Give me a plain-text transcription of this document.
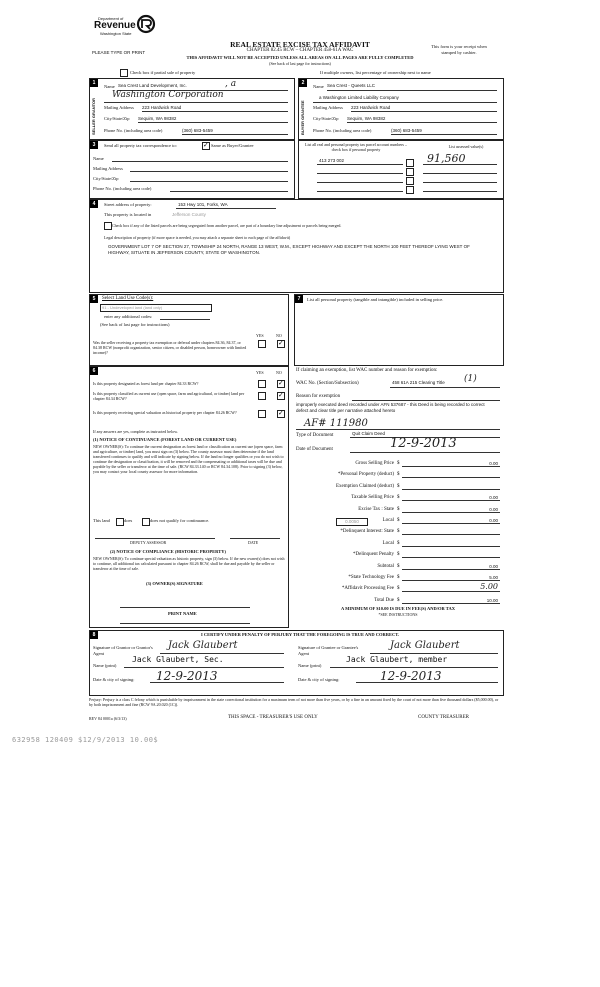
Department of
Revenue
Washington State
PLEASE TYPE OR PRINT
REAL ESTATE EXCISE TAX AFFIDAVIT
CHAPTER 82.45 RCW – CHAPTER 458-61A WAC
THIS AFFIDAVIT WILL NOT BE ACCEPTED UNLESS ALL AREAS ON ALL PAGES ARE FULLY COMPLETED
(See back of last page for instructions)
This form is your receipt when stamped by cashier.
Check box if partial sale of property	If multiple owners, list percentage of ownership next to name
1
SELLER GRANTOR
Name Sea Crest Land Development, Inc.	, a
Washington Corporation
Mailing Address 223 Hardwick Road
City/State/Zip Sequim, WA 98382
Phone No. (including area code)	(360) 683-5459
2
BUYER GRANTEE
Name Sea Crest - Queets LLC
a Washington Limited Liability Company
Mailing Address 223 Hardwick Road
City/State/Zip Sequim, WA 98382
Phone No. (including area code)	(360) 683-5459
3	Send all property tax correspondence to:	✓ Same as Buyer/Grantee
Name
Mailing Address
City/State/Zip
Phone No. (including area code)
List all real and personal property tax parcel account numbers – check box if personal property
List assessed value(s)
413 273 002	91,560
4	Street address of property:	153 Hwy 101, Forks, WA
This property is located in	Jefferson County
Check box if any of the listed parcels are being segregated from another parcel, are part of a boundary line adjustment or parcels being merged.
Legal description of property (if more space is needed, you may attach a separate sheet to each page of the affidavit)
GOVERNMENT LOT 7 OF SECTION 27, TOWNSHIP 24 NORTH, RANGE 13 WEST, W.M., EXCEPT HIGHWAY AND EXCEPT THE NORTH 100 FEET THEREOF LYING WEST OF HIGHWAY, SITUATE IN JEFFERSON COUNTY, STATE OF WASHINGTON.
5	Select Land Use Code(s):
91 - Undeveloped land (land only)
enter any additional codes:
(See back of last page for instructions)
YES	NO
Was the seller receiving a property tax exemption or deferral under chapters 84.36, 84.37, or 84.38 RCW (nonprofit organization, senior citizen, or disabled person, homeowner with limited income)?
✓
7	List all personal property (tangible and intangible) included in selling price.
6	YES	NO
Is this property designated as forest land per chapter 84.33 RCW?	✓
Is this property classified as current use (open space, farm and agricultural, or timber) land per chapter 84.34 RCW?	✓
Is this property receiving special valuation as historical property per chapter 84.26 RCW?	✓
If any answers are yes, complete as instructed below.
(1) NOTICE OF CONTINUANCE (FOREST LAND OR CURRENT USE)
NEW OWNER(S): To continue the current designation as forest land or classification as current use (open space, farm and agriculture, or timber) land, you must sign on (3) below. The county assessor must then determine if the land transferred continues to qualify and will indicate by signing below. If the land no longer qualifies or you do not wish to continue the designation or classification, it will be removed and the compensating or additional taxes will be due and payable by the seller or transferor at the time of sale. (RCW 84.33.140 or RCW 84.34.108). Prior to signing (3) below, you may contact your local county assessor for more information.
This land	does	does not qualify for continuance.
DEPUTY ASSESSOR	DATE
(2) NOTICE OF COMPLIANCE (HISTORIC PROPERTY)
NEW OWNER(S): To continue special valuation as historic property, sign (3) below. If the new owner(s) does not wish to continue, all additional tax calculated pursuant to chapter 84.26 RCW, shall be due and payable by the seller or transferor at the time of sale.
(3) OWNER(S) SIGNATURE
PRINT NAME
If claiming an exemption, list WAC number and reason for exemption:
WAC No. (Section/Subsection)	458 61A 215 Clearing Title (1)
Reason for exemption
improperly executed deed recorded under AFN 537687 - this Deed is being recorded to correct defect and clear title per narrative attached hereto
AF# 111980
Type of Document	Quit Claim Deed
Date of Document	12-9-2013
Gross Selling Price $	0.00
*Personal Property (deduct) $
Exemption Claimed (deduct) $
Taxable Selling Price $	0.00
Excise Tax : State $	0.00
Local $	0.00
0.0050
*Delinquent Interest: State $
Local $
*Delinquent Penalty $
Subtotal $	0.00
*State Technology Fee $	5.00
*Affidavit Processing Fee $	5.00
Total Due $	10.00
A MINIMUM OF $10.00 IS DUE IN FEE(S) AND/OR TAX
*SEE INSTRUCTIONS
8	I CERTIFY UNDER PENALTY OF PERJURY THAT THE FOREGOING IS TRUE AND CORRECT.
Signature of Grantor or Grantor's Agent
Jack Glaubert
Name (print)
Jack Glaubert, Sec.
Date & city of signing: 12-9-2013
Signature of Grantee or Grantee's Agent
Jack Glaubert
Name (print)
Jack Glaubert, member
Date & city of signing:	12-9-2013
Perjury: Perjury is a class C felony which is punishable by imprisonment in the state correctional institution for a maximum term of not more than five years, or by a fine in an amount fixed by the court of not more than five thousand dollars ($5,000.00), or by both imprisonment and fine (RCW 9A.20.020 (1C)).
REV 84 0001a (6/3/13)	THIS SPACE - TREASURER'S USE ONLY	COUNTY TREASURER
632958 120409 $12/9/2013 10.00$
